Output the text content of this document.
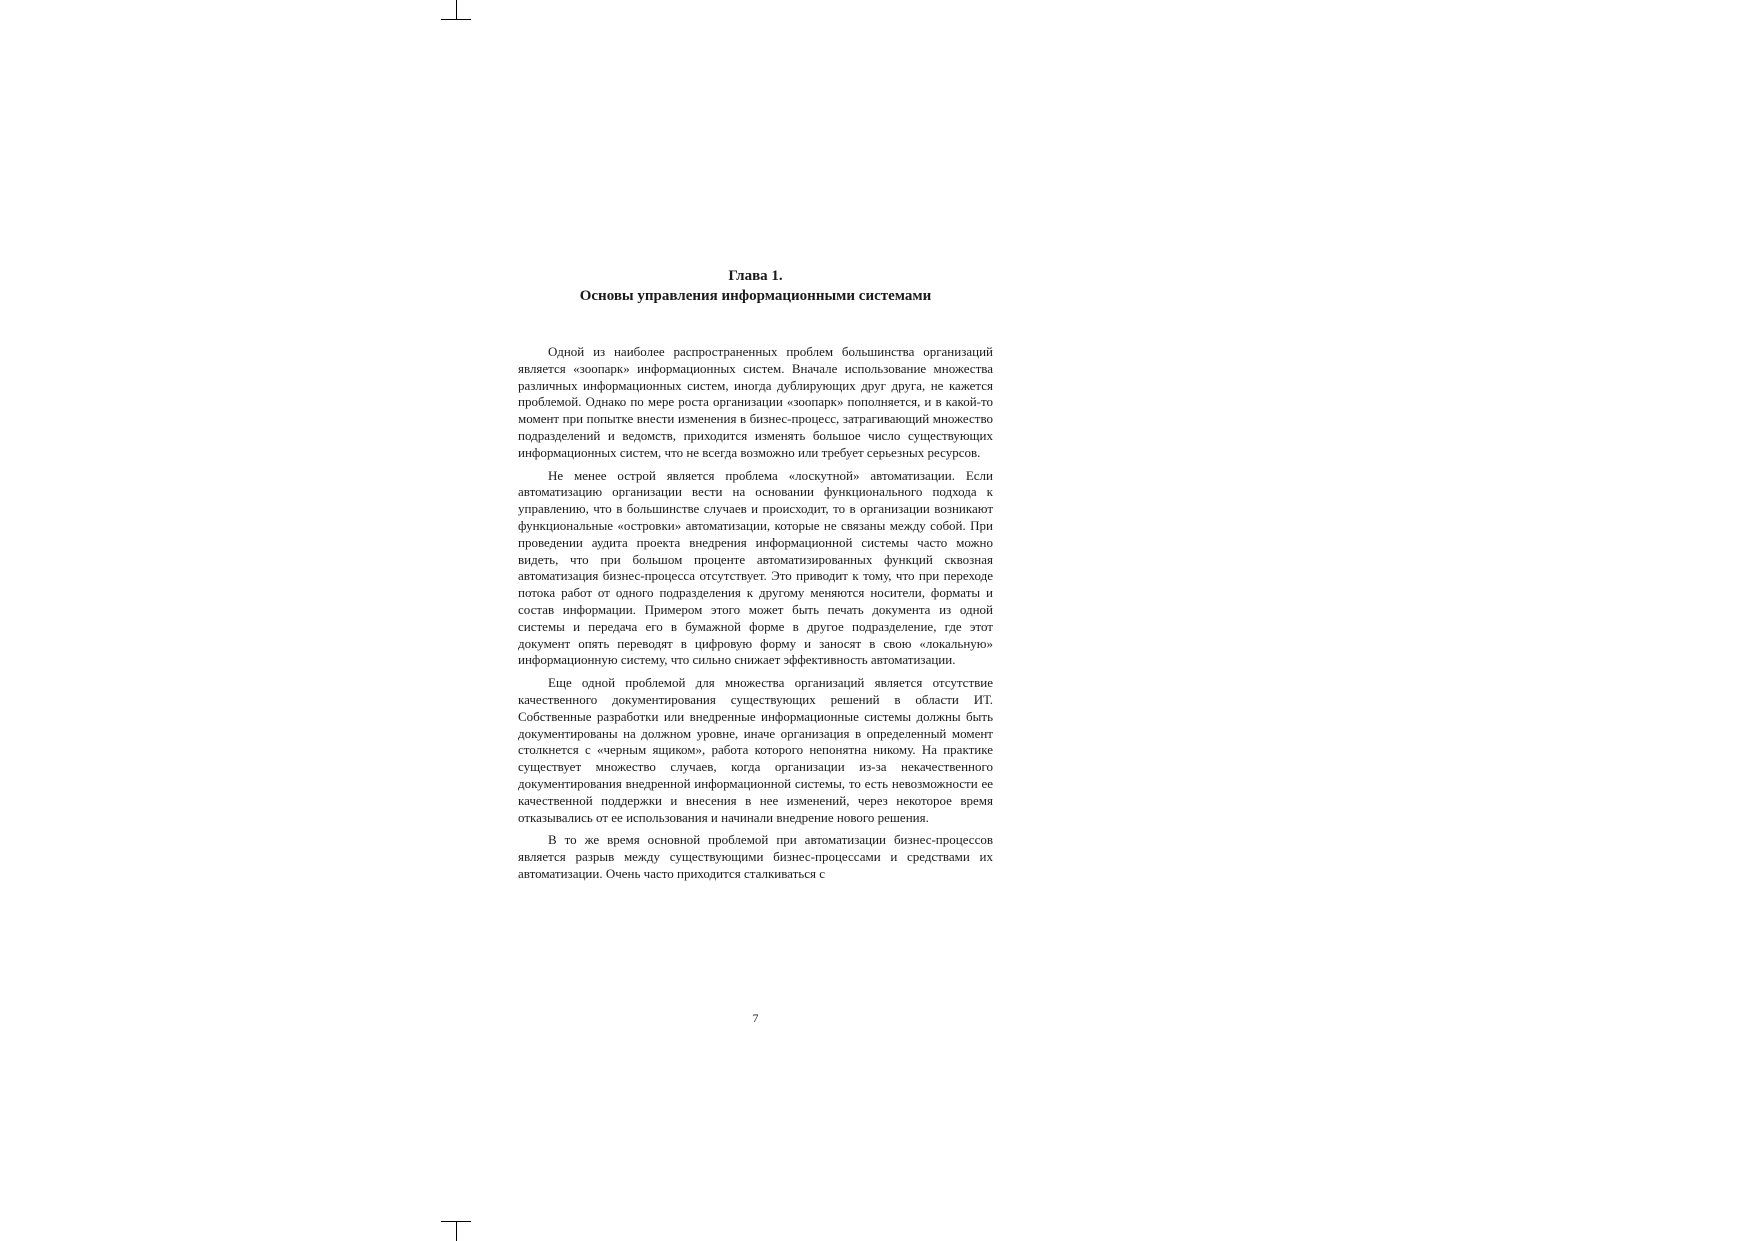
Глава 1.
Основы управления информационными системами

Одной из наиболее распространенных проблем большинства организаций является «зоопарк» информационных систем. Вначале использование множества различных информационных систем, иногда дублирующих друг друга, не кажется проблемой. Однако по мере роста организации «зоопарк» пополняется, и в какой-то момент при попытке внести изменения в бизнес-процесс, затрагивающий множество подразделений и ведомств, приходится изменять большое число существующих информационных систем, что не всегда возможно или требует серьезных ресурсов.

Не менее острой является проблема «лоскутной» автоматизации. Если автоматизацию организации вести на основании функционального подхода к управлению, что в большинстве случаев и происходит, то в организации возникают функциональные «островки» автоматизации, которые не связаны между собой. При проведении аудита проекта внедрения информационной системы часто можно видеть, что при большом проценте автоматизированных функций сквозная автоматизация бизнес-процесса отсутствует. Это приводит к тому, что при переходе потока работ от одного подразделения к другому меняются носители, форматы и состав информации. Примером этого может быть печать документа из одной системы и передача его в бумажной форме в другое подразделение, где этот документ опять переводят в цифровую форму и заносят в свою «локальную» информационную систему, что сильно снижает эффективность автоматизации.

Еще одной проблемой для множества организаций является отсутствие качественного документирования существующих решений в области ИТ. Собственные разработки или внедренные информационные системы должны быть документированы на должном уровне, иначе организация в определенный момент столкнется с «черным ящиком», работа которого непонятна никому. На практике существует множество случаев, когда организации из-за некачественного документирования внедренной информационной системы, то есть невозможности ее качественной поддержки и внесения в нее изменений, через некоторое время отказывались от ее использования и начинали внедрение нового решения.

В то же время основной проблемой при автоматизации бизнес-процессов является разрыв между существующими бизнес-процессами и средствами их автоматизации. Очень часто приходится сталкиваться с

7
